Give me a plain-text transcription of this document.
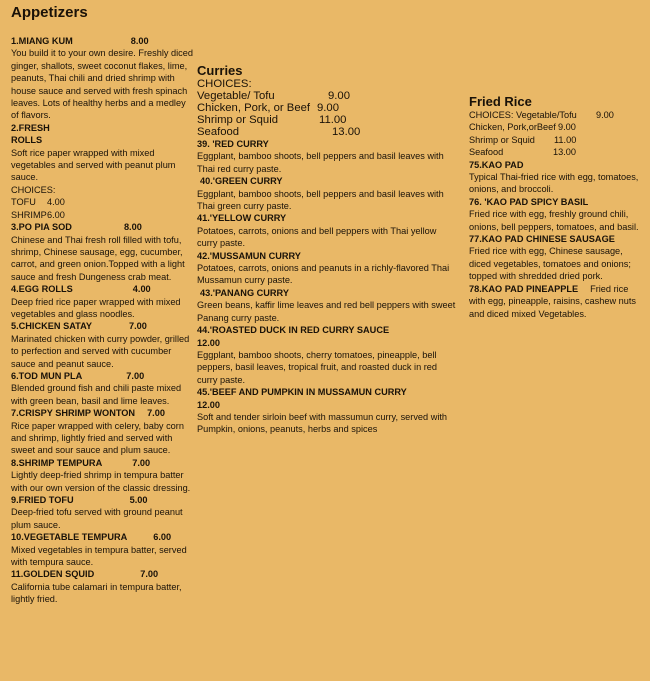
Appetizers
1.MIANG KUM	8.00
You build it to your own desire. Freshly diced ginger, shallots, sweet coconut flakes, lime, peanuts, Thai chili and dried shrimp with house sauce and served with fresh spinach leaves. Lots of healthy herbs and a medley of flavors.
2.FRESH ROLLS
Soft rice paper wrapped with mixed vegetables and served with peanut plum sauce.
CHOICES:
TOFU	4.00
SHRIMP 6.00
3.PO PIA SOD	8.00
Chinese and Thai fresh roll filled with tofu, shrimp, Chinese sausage, egg, cucumber, carrot, and green onion.Topped with a light sauce and fresh Dungeness crab meat.
4.EGG ROLLS	4.00
Deep fried rice paper wrapped with mixed vegetables and glass noodles.
5.CHICKEN SATAY	7.00
Marinated chicken with curry powder, grilled to perfection and served with cucumber sauce and peanut sauce.
6.TOD MUN PLA	7.00
Blended ground fish and chili paste mixed with green bean, basil and lime leaves.
7.CRISPY SHRIMP WONTON 7.00
Rice paper wrapped with celery, baby corn and shrimp, lightly fried and served with sweet and sour sauce and plum sauce.
8.SHRIMP TEMPURA	7.00
Lightly deep-fried shrimp in tempura batter with our own version of the classic dressing.
9.FRIED TOFU	5.00
Deep-fried tofu served with ground peanut plum sauce.
10.VEGETABLE TEMPURA	6.00
Mixed vegetables in tempura batter, served with tempura sauce.
11.GOLDEN SQUID	7.00
California tube calamari in tempura batter, lightly fried.
Curries
CHOICES:
Vegetable/ Tofu	9.00
Chicken, Pork, or Beef 9.00
Shrimp or Squid	11.00
Seafood	13.00
39. 'RED CURRY
Eggplant, bamboo shoots, bell peppers and basil leaves with Thai red curry paste.
40.'GREEN CURRY
Eggplant, bamboo shoots, bell peppers and basil leaves with Thai green curry paste.
41.'YELLOW CURRY
Potatoes, carrots, onions and bell peppers with Thai yellow curry paste.
42.'MUSSAMUN CURRY
Potatoes, carrots, onions and peanuts in a richly-flavored Thai Mussamun curry paste.
43.'PANANG CURRY
Green beans, kaffir lime leaves and red bell peppers with sweet Panang curry paste.
44.'ROASTED DUCK IN RED CURRY SAUCE
12.00
Eggplant, bamboo shoots, cherry tomatoes, pineapple, bell peppers, basil leaves, tropical fruit, and roasted duck in red curry paste.
45.'BEEF AND PUMPKIN IN MUSSAMUN CURRY
12.00
Soft and tender sirloin beef with massumun curry, served with Pumpkin, onions, peanuts, herbs and spices
Fried Rice
CHOICES: Vegetable/Tofu	9.00
Chicken, Pork,orBeef 9.00
Shrimp or Squid	11.00
Seafood	13.00
75.KAO PAD
Typical Thai-fried rice with egg, tomatoes, onions, and broccoli.
76. 'KAO PAD SPICY BASIL
Fried rice with egg, freshly ground chili, onions, bell peppers, tomatoes, and basil.
77.KAO PAD CHINESE SAUSAGE
Fried rice with egg, Chinese sausage, diced vegetables, tomatoes and onions; topped with shredded dried pork.
78.KAO PAD PINEAPPLE Fried rice with egg, pineapple, raisins, cashew nuts and diced mixed Vegetables.
